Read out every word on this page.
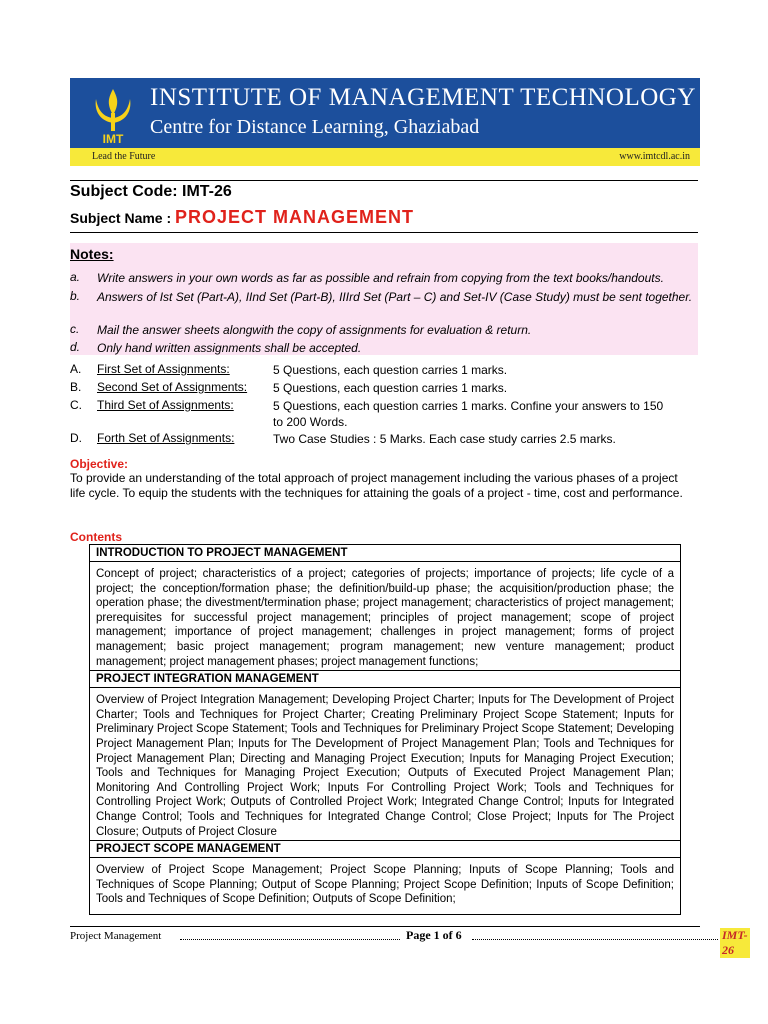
IMT
INSTITUTE OF MANAGEMENT TECHNOLOGY
Centre for Distance Learning, Ghaziabad
Lead the Future	www.imtcdl.ac.in
Subject Code: IMT-26
Subject Name : PROJECT MANAGEMENT
Notes:
a. Write answers in your own words as far as possible and refrain from copying from the text books/handouts.
b. Answers of Ist Set (Part-A), IInd Set (Part-B), IIIrd Set (Part – C) and Set-IV (Case Study) must be sent together.
c. Mail the answer sheets alongwith the copy of assignments for evaluation & return.
d. Only hand written assignments shall be accepted.
A. First Set of Assignments:	5 Questions, each question carries 1 marks.
B. Second Set of Assignments: 5 Questions, each question carries 1 marks.
C. Third Set of Assignments:	5 Questions, each question carries 1 marks. Confine your answers to 150 to 200 Words.
D. Forth Set of Assignments:	Two Case Studies : 5 Marks. Each case study carries 2.5 marks.
Objective:
To provide an understanding of the total approach of project management including the various phases of a project life cycle. To equip the students with the techniques for attaining the goals of a project - time, cost and performance.
Contents
INTRODUCTION TO PROJECT MANAGEMENT
Concept of project; characteristics of a project; categories of projects; importance of projects; life cycle of a project; the conception/formation phase; the definition/build-up phase; the acquisition/production phase; the operation phase; the divestment/termination phase; project management; characteristics of project management; prerequisites for successful project management; principles of project management; scope of project management; importance of project management; challenges in project management; forms of project management; basic project management; program management; new venture management; product management; project management phases; project management functions;
PROJECT INTEGRATION MANAGEMENT
Overview of Project Integration Management; Developing Project Charter; Inputs for The Development of Project Charter; Tools and Techniques for Project Charter; Creating Preliminary Project Scope Statement; Inputs for Preliminary Project Scope Statement; Tools and Techniques for Preliminary Project Scope Statement; Developing Project Management Plan; Inputs for The Development of Project Management Plan; Tools and Techniques for Project Management Plan; Directing and Managing Project Execution; Inputs for Managing Project Execution; Tools and Techniques for Managing Project Execution; Outputs of Executed Project Management Plan; Monitoring And Controlling Project Work; Inputs For Controlling Project Work; Tools and Techniques for Controlling Project Work; Outputs of Controlled Project Work; Integrated Change Control; Inputs for Integrated Change Control; Tools and Techniques for Integrated Change Control; Close Project; Inputs for The Project Closure; Outputs of Project Closure
PROJECT SCOPE MANAGEMENT
Overview of Project Scope Management; Project Scope Planning; Inputs of Scope Planning; Tools and Techniques of Scope Planning; Output of Scope Planning; Project Scope Definition; Inputs of Scope Definition; Tools and Techniques of Scope Definition; Outputs of Scope Definition;
Project Management	Page 1 of 6	IMT-26
